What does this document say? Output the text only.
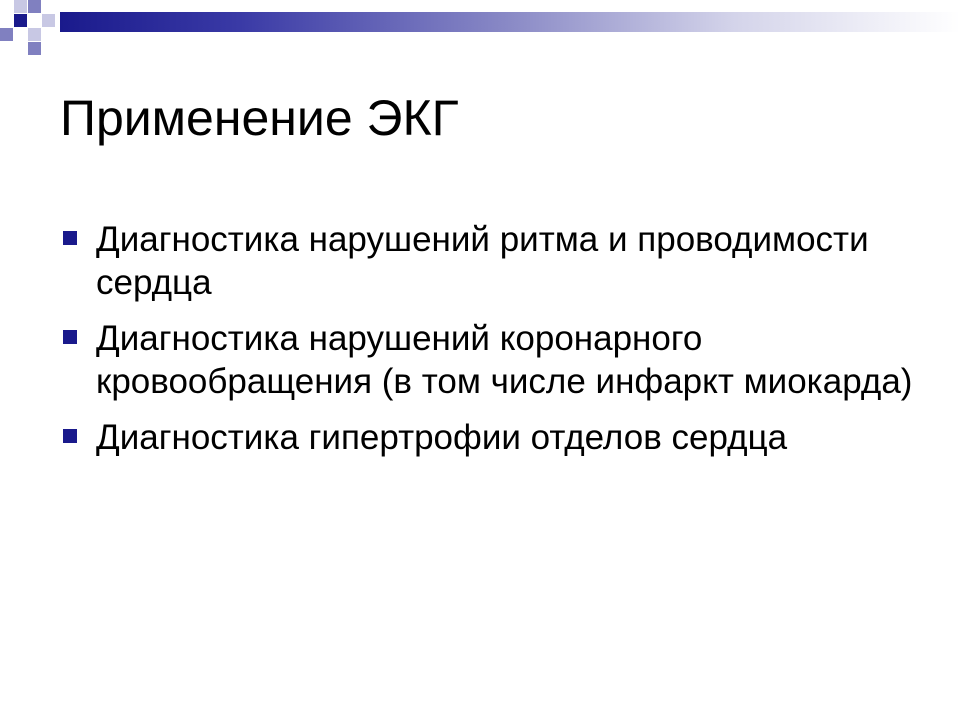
Применение ЭКГ
Диагностика нарушений ритма и проводимости сердца
Диагностика нарушений коронарного кровообращения (в том числе инфаркт миокарда)
Диагностика гипертрофии отделов сердца
